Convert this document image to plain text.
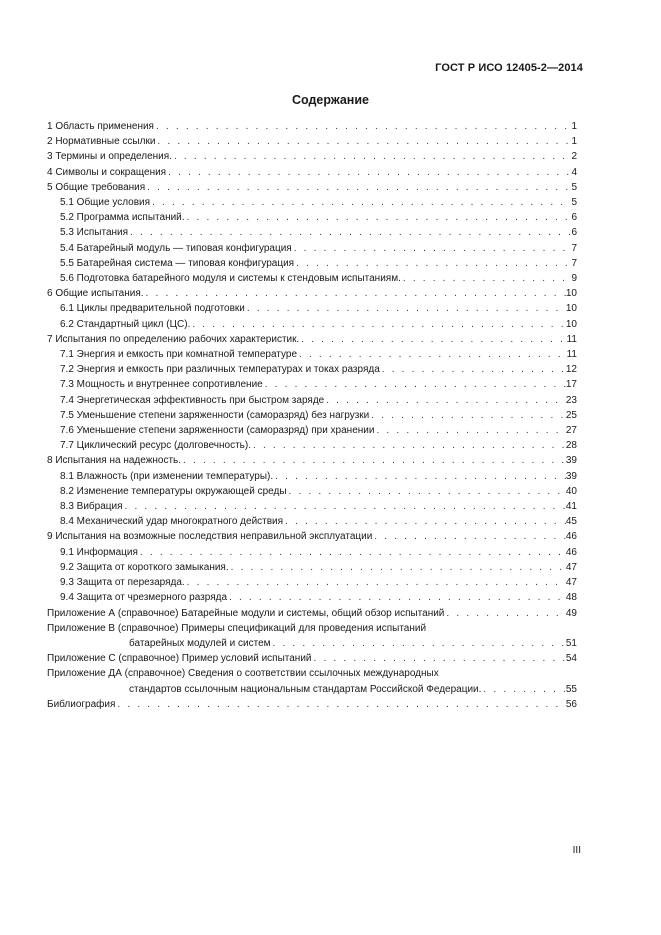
ГОСТ Р ИСО 12405-2—2014
Содержание
1 Область применения . . .	1
2 Нормативные ссылки . . .	1
3 Термины и определения. . . .	2
4 Символы и сокращения . . .	4
5 Общие требования . . .	5
5.1 Общие условия . . .	5
5.2 Программа испытаний. . . .	6
5.3 Испытания . . .	6
5.4 Батарейный модуль — типовая конфигурация . . .	7
5.5 Батарейная система — типовая конфигурация . . .	7
5.6 Подготовка батарейного модуля и системы к стендовым испытаниям. . . .	9
6 Общие испытания. . . .	10
6.1 Циклы предварительной подготовки . . .	10
6.2 Стандартный цикл (ЦС). . . .	10
7 Испытания по определению рабочих характеристик. . . .	11
7.1 Энергия и емкость при комнатной температуре . . .	11
7.2 Энергия и емкость при различных температурах и токах разряда . . .	12
7.3 Мощность и внутреннее сопротивление . . .	17
7.4 Энергетическая эффективность при быстром заряде . . .	23
7.5 Уменьшение степени заряженности (саморазряд) без нагрузки . . .	25
7.6 Уменьшение степени заряженности (саморазряд) при хранении . . .	27
7.7 Циклический ресурс (долговечность). . . .	28
8 Испытания на надежность. . . .	39
8.1 Влажность (при изменении температуры). . . .	39
8.2 Изменение температуры окружающей среды . . .	40
8.3 Вибрация . . .	41
8.4 Механический удар многократного действия . . .	45
9 Испытания на возможные последствия неправильной эксплуатации . . .	46
9.1 Информация . . .	46
9.2 Защита от короткого замыкания. . . .	47
9.3 Защита от перезаряда. . . .	47
9.4 Защита от чрезмерного разряда . . .	48
Приложение А (справочное) Батарейные модули и системы, общий обзор испытаний . . .	49
Приложение В (справочное) Примеры спецификаций для проведения испытаний
батарейных модулей и систем . . .	51
Приложение С (справочное) Пример условий испытаний . . .	54
Приложение ДА (справочное) Сведения о соответствии ссылочных международных
стандартов ссылочным национальным стандартам Российской Федерации. . . .	55
Библиография . . .	56
III
